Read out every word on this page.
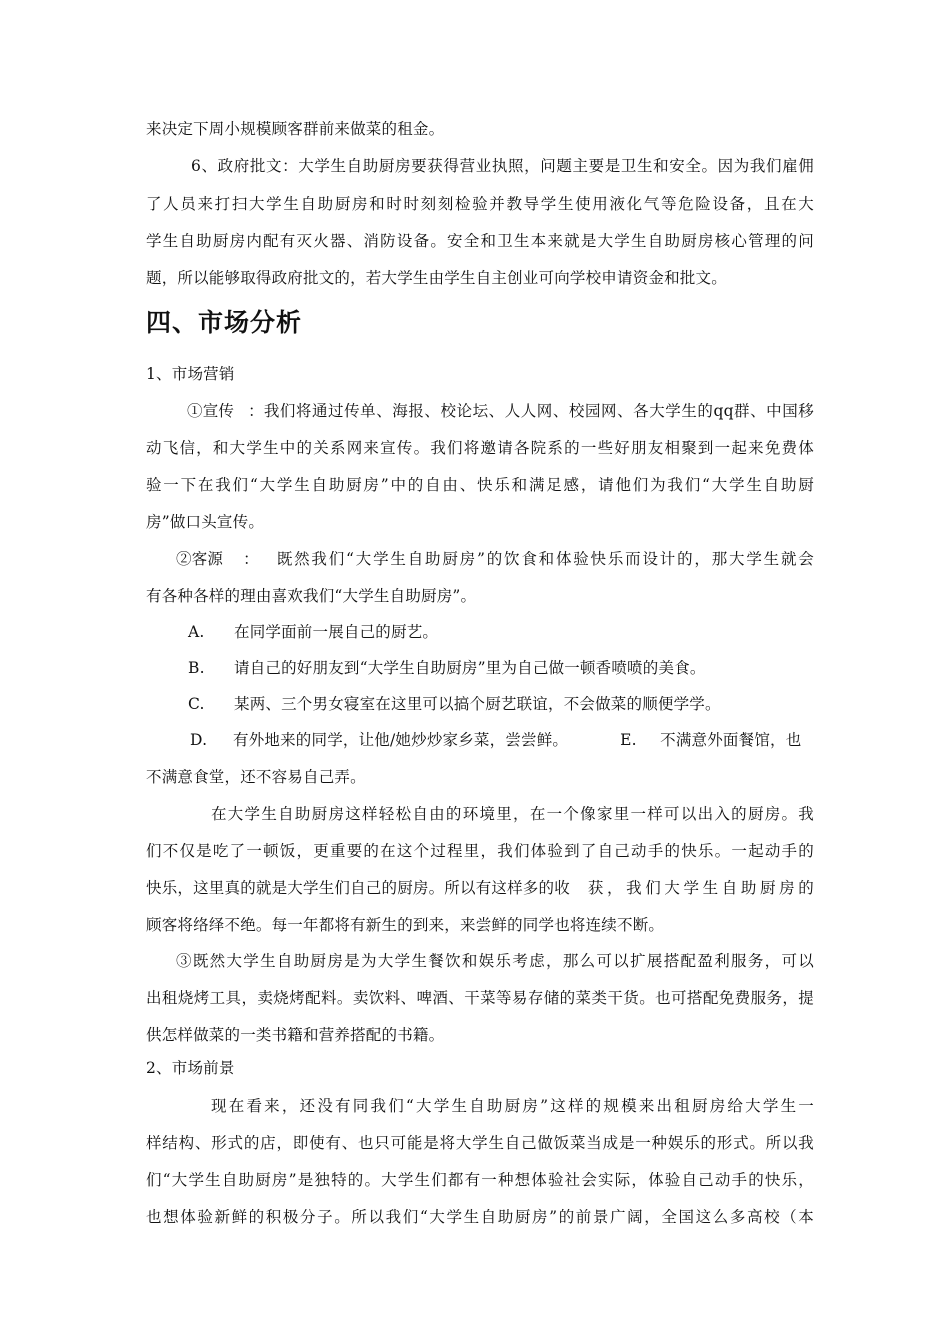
来决定下周小规模顾客群前来做菜的租金。
6、政府批文：大学生自助厨房要获得营业执照，问题主要是卫生和安全。因为我们雇佣
了人员来打扫大学生自助厨房和时时刻刻检验并教导学生使用液化气等危险设备，且在大
学生自助厨房内配有灭火器、消防设备。安全和卫生本来就是大学生自助厨房核心管理的问
题，所以能够取得政府批文的，若大学生由学生自主创业可向学校申请资金和批文。
四、市场分析
1、市场营销
①宣传 ： 我们将通过传单、海报、校论坛、人人网、校园网、各大学生的qq群、中国移
动飞信，和大学生中的关系网来宣传。我们将邀请各院系的一些好朋友相聚到一起来免费体
验一下在我们“大学生自助厨房”中的自由、快乐和满足感，请他们为我们“大学生自助厨
房”做口头宣传。
②客源 ： 既然我们“大学生自助厨房”的饮食和体验快乐而设计的，那大学生就会
有各种各样的理由喜欢我们“大学生自助厨房”。
A. 在同学面前一展自己的厨艺。
B. 请自己的好朋友到“大学生自助厨房”里为自己做一顿香喷喷的美食。
C. 某两、三个男女寝室在这里可以搞个厨艺联谊，不会做菜的顺便学学。
D. 有外地来的同学，让他/她炒炒家乡菜，尝尝鲜。	E. 不满意外面餐馆，也
不满意食堂，还不容易自己弄。
在大学生自助厨房这样轻松自由的环境里，在一个像家里一样可以出入的厨房。我
们不仅是吃了一顿饭，更重要的在这个过程里，我们体验到了自己动手的快乐。一起动手的
快乐，这里真的就是大学生们自己的厨房。所以有这样多的收 获，我们大学生自助厨房的
顾客将络绎不绝。每一年都将有新生的到来，来尝鲜的同学也将连续不断。
③既然大学生自助厨房是为大学生餐饮和娱乐考虑，那么可以扩展搭配盈利服务，可以
出租烧烤工具，卖烧烤配料。卖饮料、啤酒、干菜等易存储的菜类干货。也可搭配免费服务，提
供怎样做菜的一类书籍和营养搭配的书籍。
2、市场前景
现在看来，还没有同我们“大学生自助厨房”这样的规模来出租厨房给大学生一
样结构、形式的店，即使有、也只可能是将大学生自己做饭菜当成是一种娱乐的形式。所以我
们“大学生自助厨房”是独特的。大学生们都有一种想体验社会实际，体验自己动手的快乐，
也想体验新鲜的积极分子。所以我们“大学生自助厨房”的前景广阔，全国这么多高校（本
